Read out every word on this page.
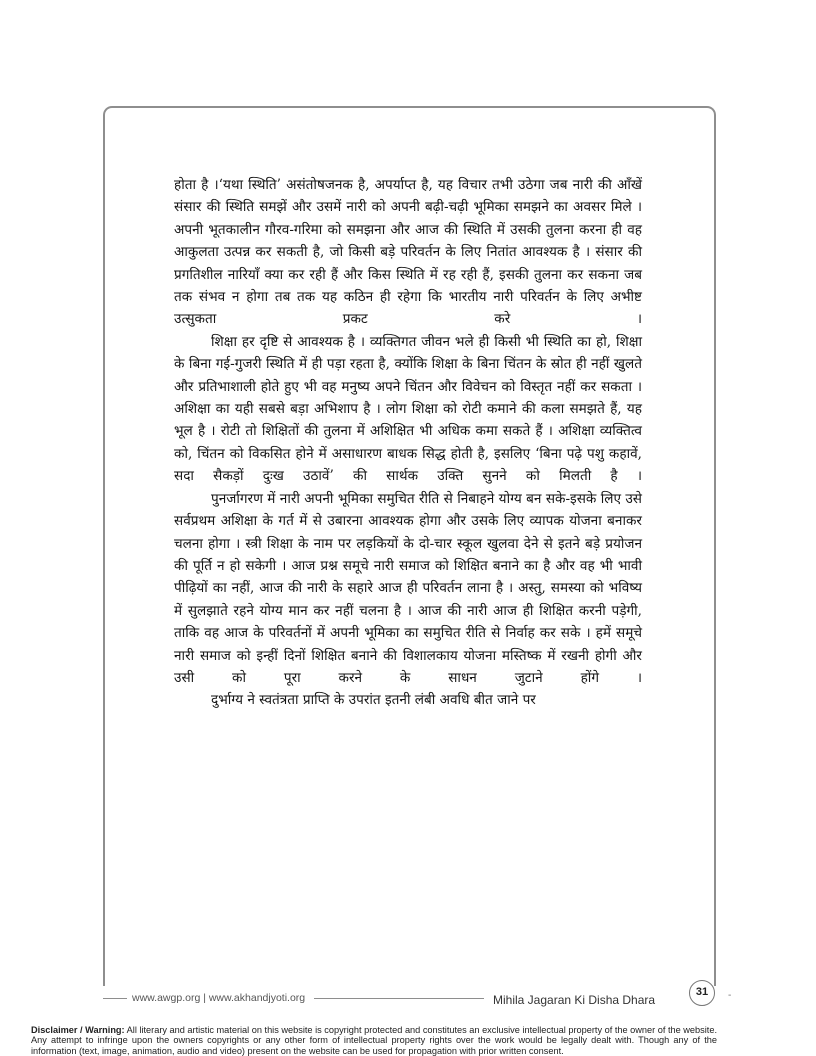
होता है ।‘यथा स्थिति’ असंतोषजनक है, अपर्याप्त है, यह विचार तभी उठेगा जब नारी की आँखें संसार की स्थिति समझें और उसमें नारी को अपनी बढ़ी-चढ़ी भूमिका समझने का अवसर मिले । अपनी भूतकालीन गौरव-गरिमा को समझना और आज की स्थिति में उसकी तुलना करना ही वह आकुलता उत्पन्न कर सकती है, जो किसी बड़े परिवर्तन के लिए नितांत आवश्यक है । संसार की प्रगतिशील नारियाँ क्या कर रही हैं और किस स्थिति में रह रही हैं, इसकी तुलना कर सकना जब तक संभव न होगा तब तक यह कठिन ही रहेगा कि भारतीय नारी परिवर्तन के लिए अभीष्ट उत्सुकता प्रकट करे ।

शिक्षा हर दृष्टि से आवश्यक है । व्यक्तिगत जीवन भले ही किसी भी स्थिति का हो, शिक्षा के बिना गई-गुजरी स्थिति में ही पड़ा रहता है, क्योंकि शिक्षा के बिना चिंतन के स्रोत ही नहीं खुलते और प्रतिभाशाली होते हुए भी वह मनुष्य अपने चिंतन और विवेचन को विस्तृत नहीं कर सकता । अशिक्षा का यही सबसे बड़ा अभिशाप है । लोग शिक्षा को रोटी कमाने की कला समझते हैं, यह भूल है । रोटी तो शिक्षितों की तुलना में अशिक्षित भी अधिक कमा सकते हैं । अशिक्षा व्यक्तित्व को, चिंतन को विकसित होने में असाधारण बाधक सिद्ध होती है, इसलिए ‘बिना पढ़े पशु कहावें, सदा सैकड़ों दुःख उठावें’ की सार्थक उक्ति सुनने को मिलती है ।

पुनर्जागरण में नारी अपनी भूमिका समुचित रीति से निबाहने योग्य बन सके-इसके लिए उसे सर्वप्रथम अशिक्षा के गर्त में से उबारना आवश्यक होगा और उसके लिए व्यापक योजना बनाकर चलना होगा । स्त्री शिक्षा के नाम पर लड़कियों के दो-चार स्कूल खुलवा देने से इतने बड़े प्रयोजन की पूर्ति न हो सकेगी । आज प्रश्न समूचे नारी समाज को शिक्षित बनाने का है और वह भी भावी पीढ़ियों का नहीं, आज की नारी के सहारे आज ही परिवर्तन लाना है । अस्तु, समस्या को भविष्य में सुलझाते रहने योग्य मान कर नहीं चलना है । आज की नारी आज ही शिक्षित करनी पड़ेगी, ताकि वह आज के परिवर्तनों में अपनी भूमिका का समुचित रीति से निर्वाह कर सके । हमें समूचे नारी समाज को इन्हीं दिनों शिक्षित बनाने की विशालकाय योजना मस्तिष्क में रखनी होगी और उसी को पूरा करने के साधन जुटाने होंगे ।

दुर्भाग्य ने स्वतंत्रता प्राप्ति के उपरांत इतनी लंबी अवधि बीत जाने पर

www.awgp.org | www.akhandjyoti.org	Mihila Jagaran Ki Disha Dhara
31	-
Disclaimer / Warning: All literary and artistic material on this website is copyright protected and constitutes an exclusive intellectual property of the owner of the website. Any attempt to infringe upon the owners copyrights or any other form of intellectual property rights over the work would be legally dealt with. Though any of the information (text, image, animation, audio and video) present on the website can be used for propagation with prior written consent.
